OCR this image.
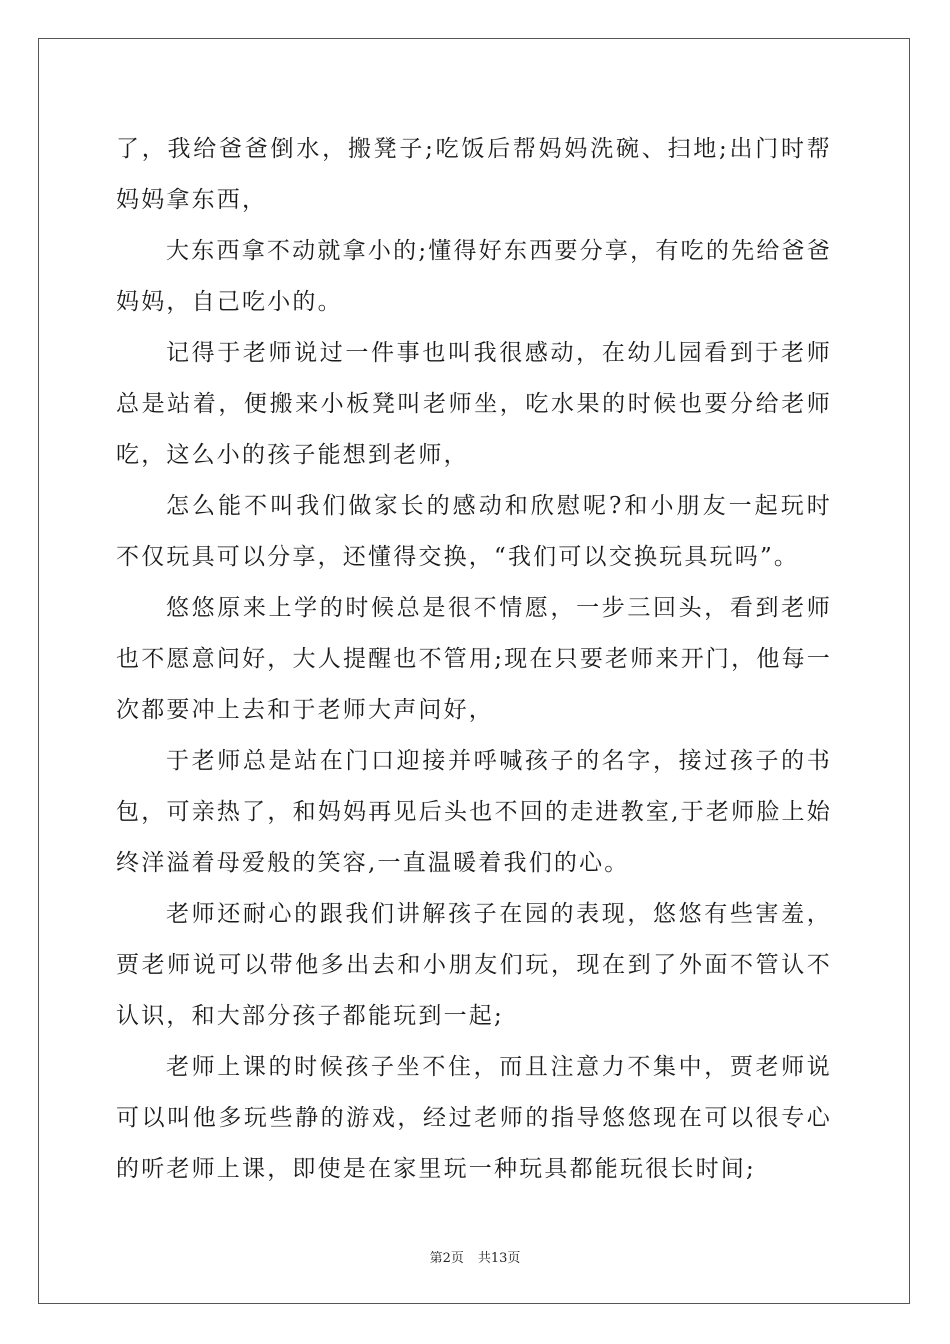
了，我给爸爸倒水，搬凳子;吃饭后帮妈妈洗碗、扫地;出门时帮妈妈拿东西，

大东西拿不动就拿小的;懂得好东西要分享，有吃的先给爸爸妈妈，自己吃小的。

记得于老师说过一件事也叫我很感动，在幼儿园看到于老师总是站着，便搬来小板凳叫老师坐，吃水果的时候也要分给老师吃，这么小的孩子能想到老师，

怎么能不叫我们做家长的感动和欣慰呢?和小朋友一起玩时不仅玩具可以分享，还懂得交换，“我们可以交换玩具玩吗”。

悠悠原来上学的时候总是很不情愿，一步三回头，看到老师也不愿意问好，大人提醒也不管用;现在只要老师来开门，他每一次都要冲上去和于老师大声问好，

于老师总是站在门口迎接并呼喊孩子的名字，接过孩子的书包，可亲热了，和妈妈再见后头也不回的走进教室,于老师脸上始终洋溢着母爱般的笑容,一直温暖着我们的心。

老师还耐心的跟我们讲解孩子在园的表现，悠悠有些害羞，贾老师说可以带他多出去和小朋友们玩，现在到了外面不管认不认识，和大部分孩子都能玩到一起;

老师上课的时候孩子坐不住，而且注意力不集中，贾老师说可以叫他多玩些静的游戏，经过老师的指导悠悠现在可以很专心的听老师上课，即使是在家里玩一种玩具都能玩很长时间;

第2页 共13页
